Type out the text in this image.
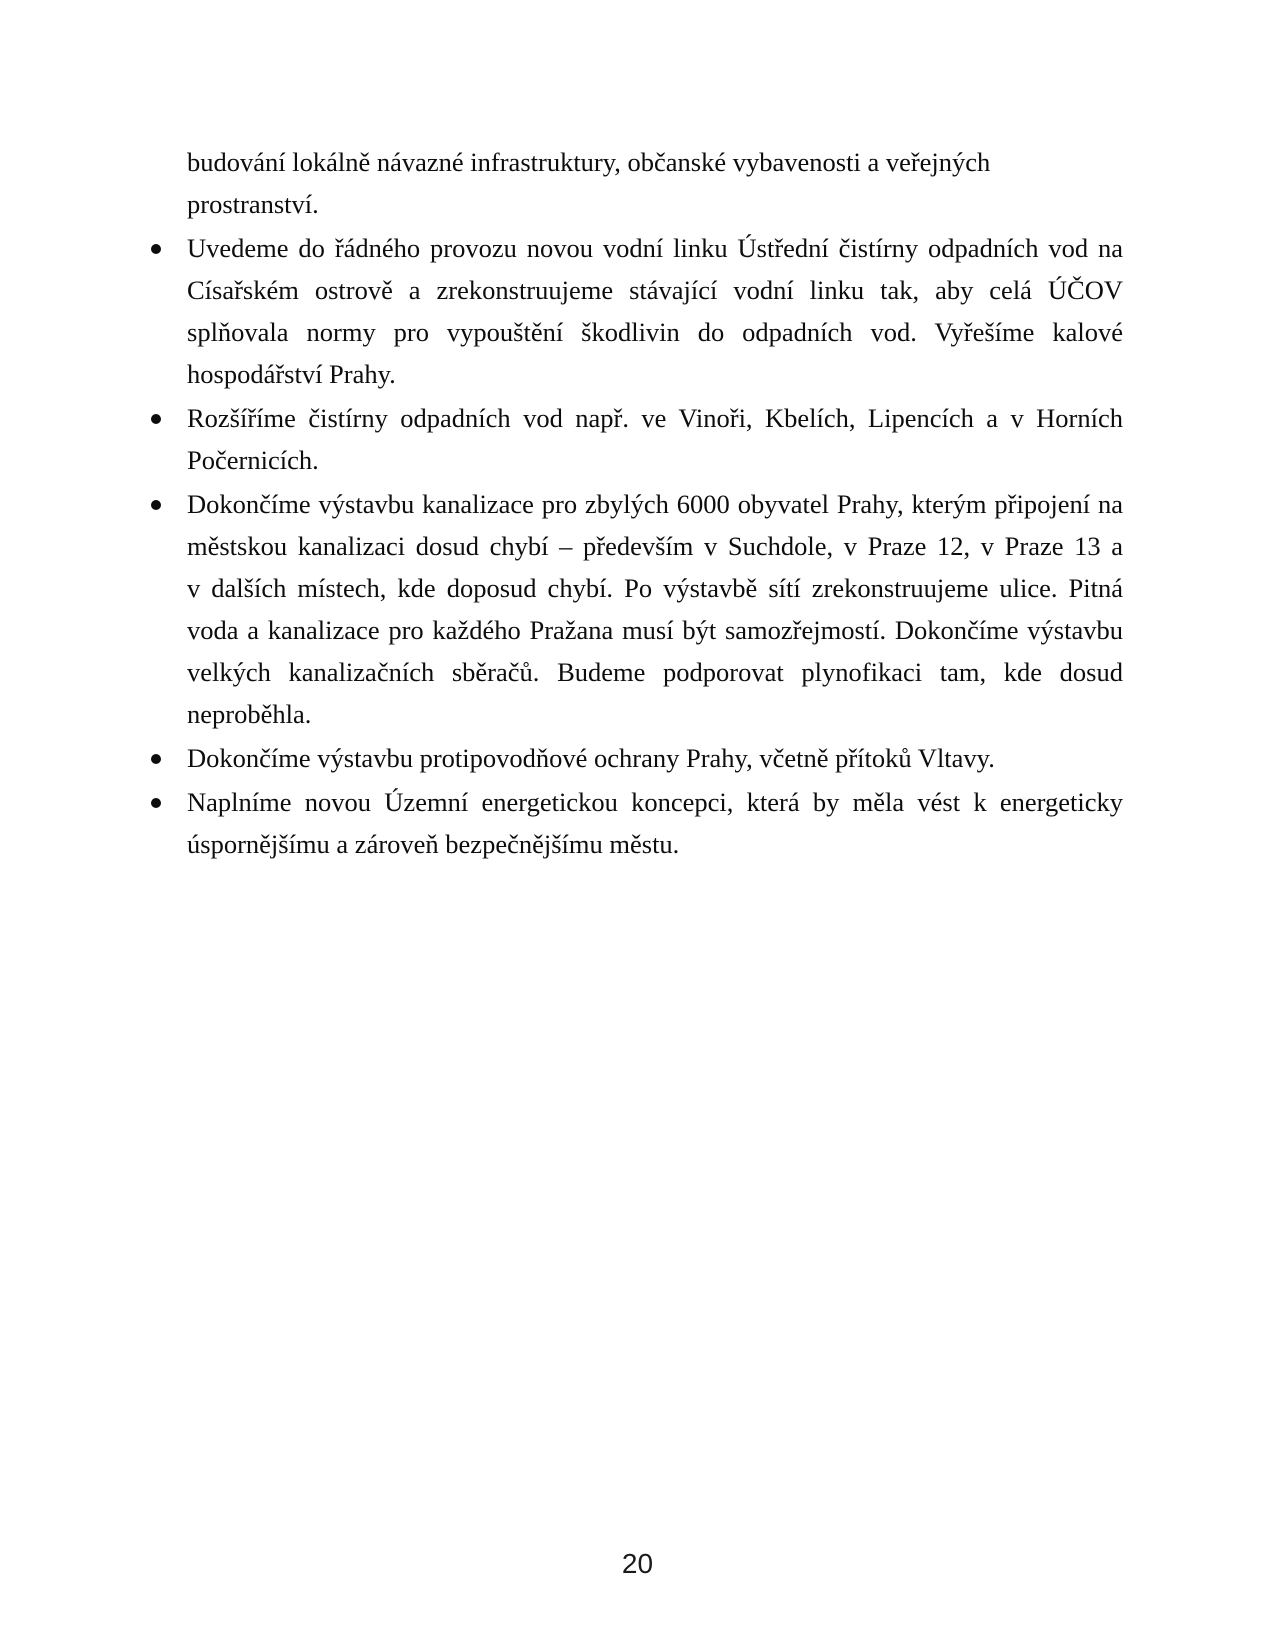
budování lokálně návazné infrastruktury, občanské vybavenosti a veřejných prostranství.

Uvedeme do řádného provozu novou vodní linku Ústřední čistírny odpadních vod na Císařském ostrově a zrekonstruujeme stávající vodní linku tak, aby celá ÚČOV splňovala normy pro vypouštění škodlivin do odpadních vod. Vyřešíme kalové hospodářství Prahy.
Rozšíříme čistírny odpadních vod např. ve Vinoři, Kbelích, Lipencích a v Horních Počernicích.
Dokončíme výstavbu kanalizace pro zbylých 6000 obyvatel Prahy, kterým připojení na městskou kanalizaci dosud chybí – především v Suchdole, v Praze 12, v Praze 13 a v dalších místech, kde doposud chybí. Po výstavbě sítí zrekonstruujeme ulice. Pitná voda a kanalizace pro každého Pražana musí být samozřejmostí. Dokončíme výstavbu velkých kanalizačních sběračů. Budeme podporovat plynofikaci tam, kde dosud neproběhla.
Dokončíme výstavbu protipovodňové ochrany Prahy, včetně přítoků Vltavy.
Naplníme novou Územní energetickou koncepci, která by měla vést k energeticky úspornějšímu a zároveň bezpečnějšímu městu.
20
